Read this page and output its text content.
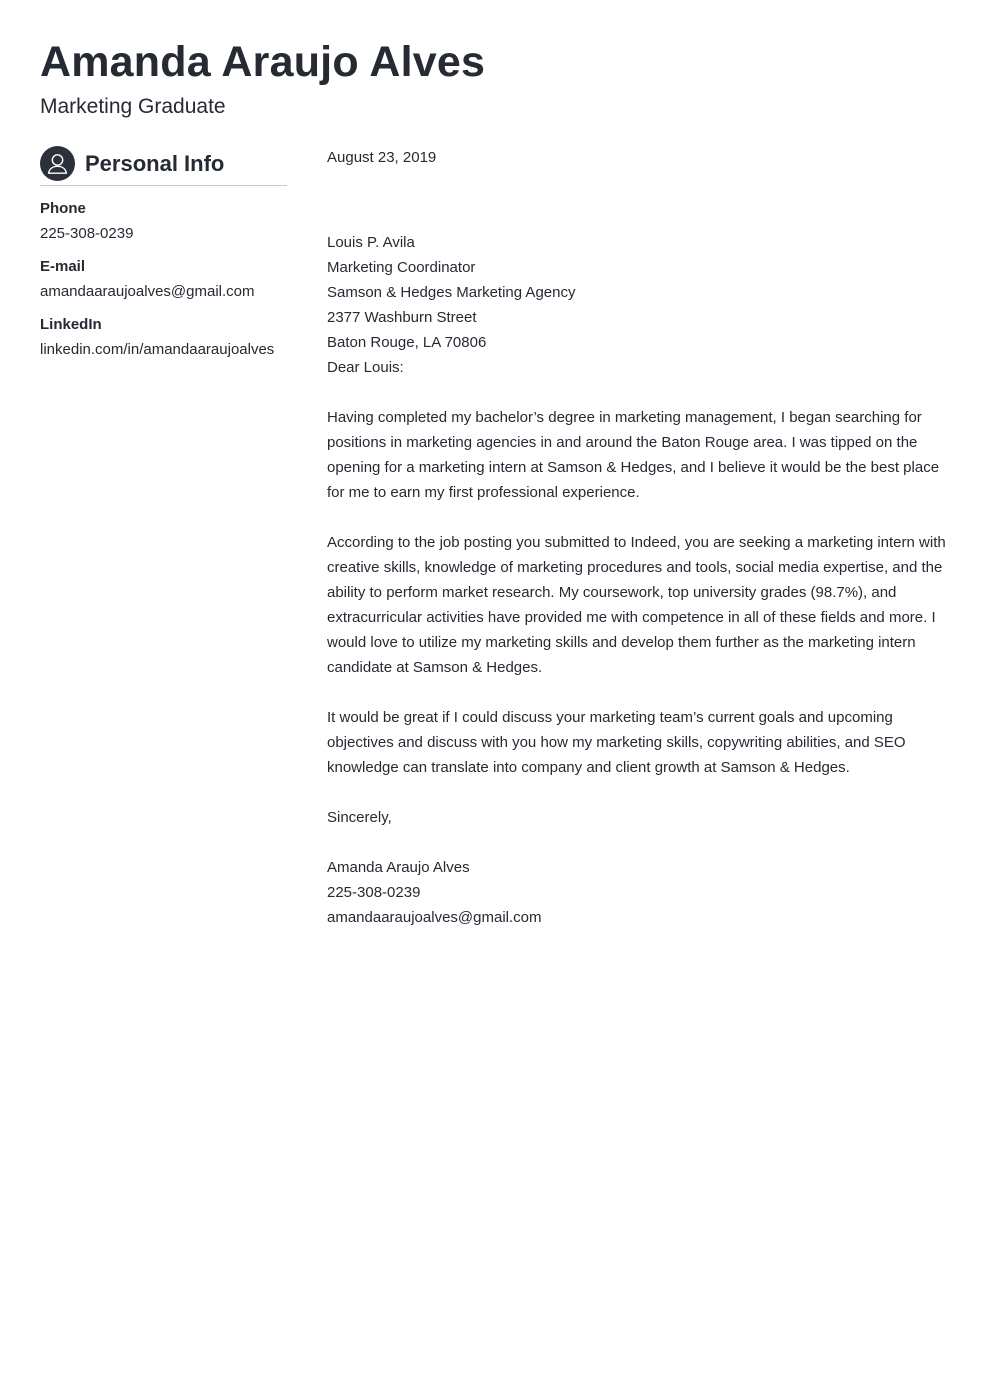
Amanda Araujo Alves
Marketing Graduate
Personal Info
Phone
225-308-0239
E-mail
amandaaraujoalves@gmail.com
LinkedIn
linkedin.com/in/amandaaraujoalves

August 23, 2019

Louis P. Avila
Marketing Coordinator
Samson & Hedges Marketing Agency
2377 Washburn Street
Baton Rouge, LA 70806

Dear Louis:

Having completed my bachelor’s degree in marketing management, I began searching for positions in marketing agencies in and around the Baton Rouge area. I was tipped on the opening for a marketing intern at Samson & Hedges, and I believe it would be the best place for me to earn my first professional experience.

According to the job posting you submitted to Indeed, you are seeking a marketing intern with creative skills, knowledge of marketing procedures and tools, social media expertise, and the ability to perform market research. My coursework, top university grades (98.7%), and extracurricular activities have provided me with competence in all of these fields and more. I would love to utilize my marketing skills and develop them further as the marketing intern candidate at Samson & Hedges.

It would be great if I could discuss your marketing team’s current goals and upcoming objectives and discuss with you how my marketing skills, copywriting abilities, and SEO knowledge can translate into company and client growth at Samson & Hedges.

Sincerely,

Amanda Araujo Alves
225-308-0239
amandaaraujoalves@gmail.com
